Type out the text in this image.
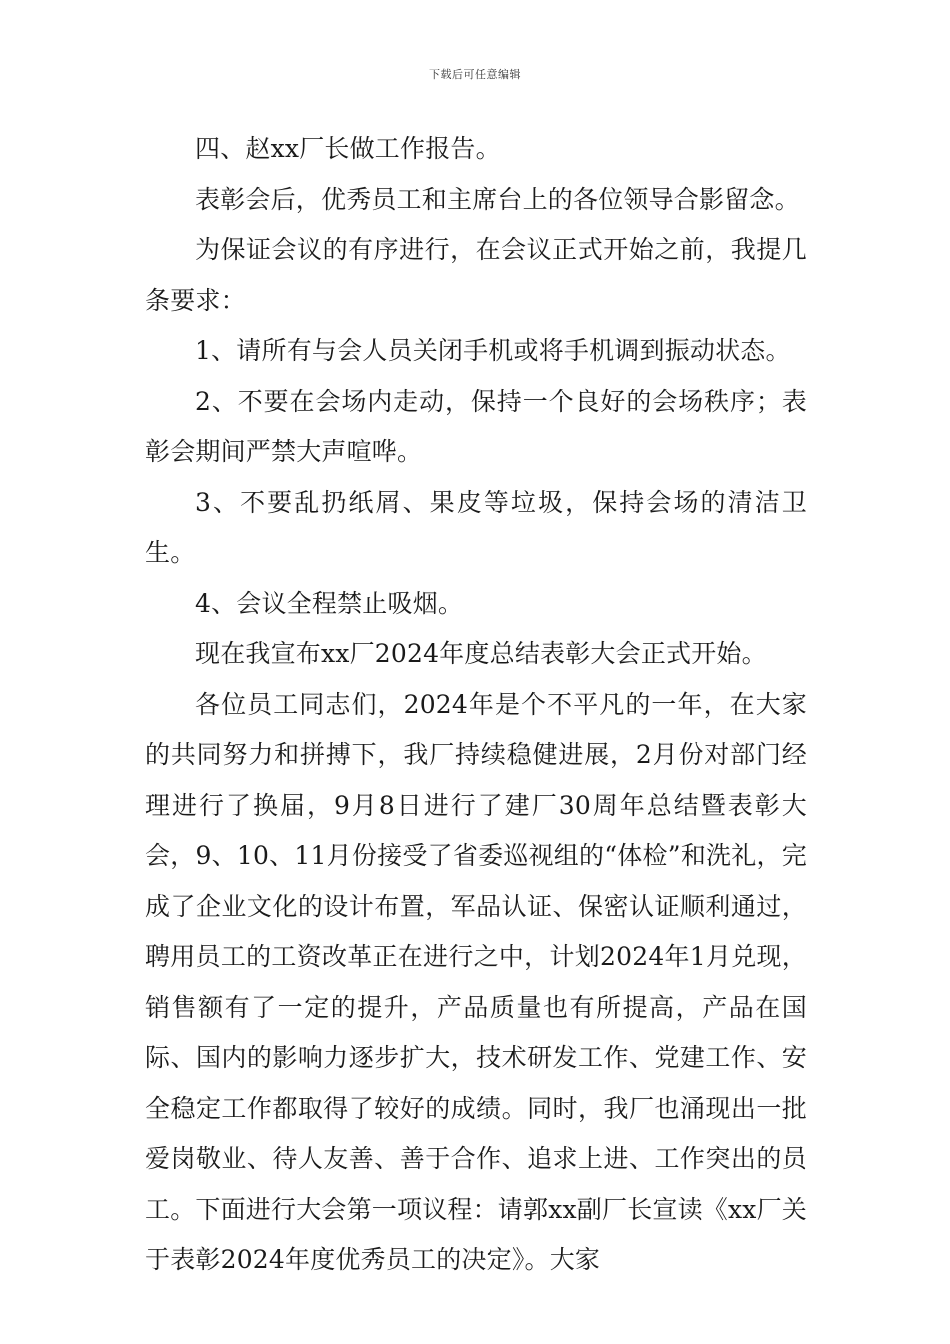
下载后可任意编辑

四、赵xx厂长做工作报告。

表彰会后，优秀员工和主席台上的各位领导合影留念。

为保证会议的有序进行，在会议正式开始之前，我提几条要求：

1、请所有与会人员关闭手机或将手机调到振动状态。

2、不要在会场内走动，保持一个良好的会场秩序；表彰会期间严禁大声喧哗。

3、不要乱扔纸屑、果皮等垃圾，保持会场的清洁卫生。

4、会议全程禁止吸烟。

现在我宣布xx厂2024年度总结表彰大会正式开始。

各位员工同志们，2024年是个不平凡的一年，在大家的共同努力和拼搏下，我厂持续稳健进展，2月份对部门经理进行了换届，9月8日进行了建厂30周年总结暨表彰大会，9、10、11月份接受了省委巡视组的“体检”和洗礼，完成了企业文化的设计布置，军品认证、保密认证顺利通过，聘用员工的工资改革正在进行之中，计划2024年1月兑现，销售额有了一定的提升，产品质量也有所提高，产品在国际、国内的影响力逐步扩大，技术研发工作、党建工作、安全稳定工作都取得了较好的成绩。同时，我厂也涌现出一批爱岗敬业、待人友善、善于合作、追求上进、工作突出的员工。下面进行大会第一项议程：请郭xx副厂长宣读《xx厂关于表彰2024年度优秀员工的决定》。大家
